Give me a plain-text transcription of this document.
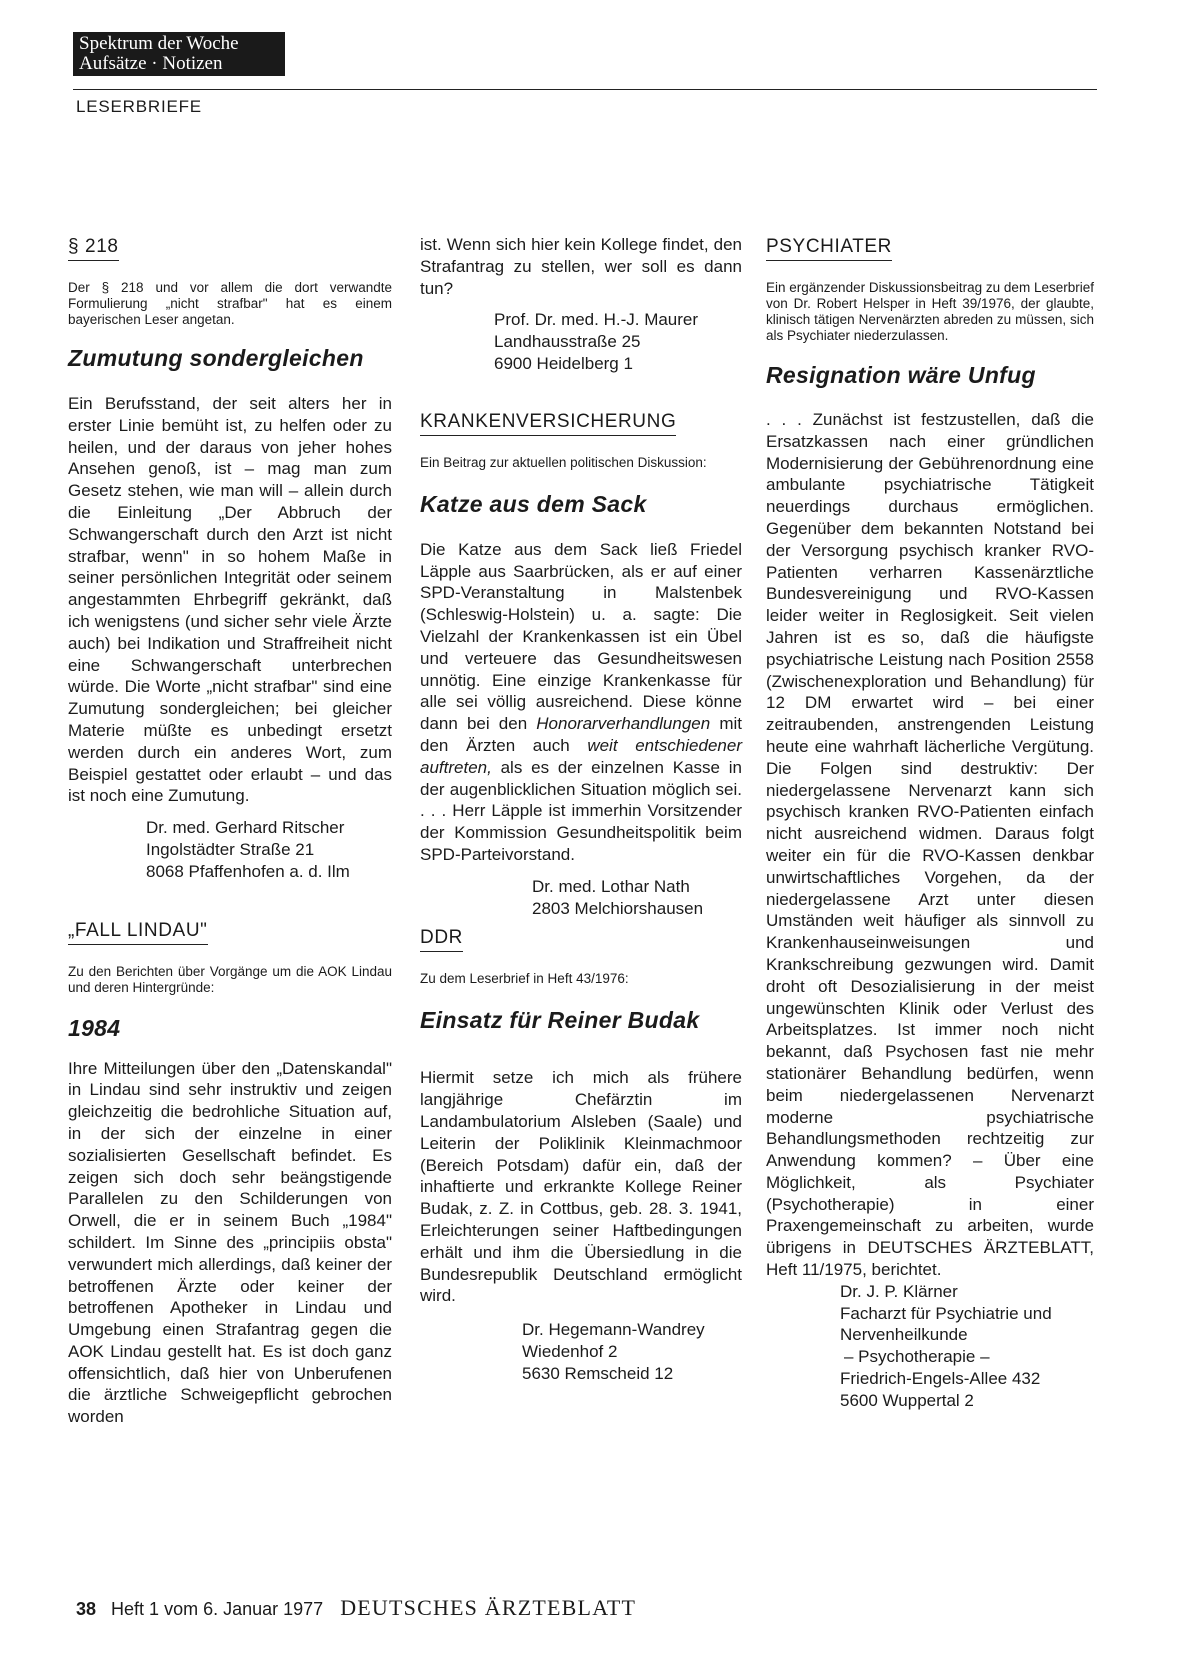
Spektrum der Woche
Aufsätze · Notizen
LESERBRIEFE
§ 218

Der § 218 und vor allem die dort verwandte Formulierung „nicht strafbar" hat es einem bayerischen Leser angetan.

Zumutung sondergleichen

Ein Berufsstand, der seit alters her in erster Linie bemüht ist, zu helfen oder zu heilen, und der daraus von jeher hohes Ansehen genoß, ist – mag man zum Gesetz stehen, wie man will – allein durch die Einleitung „Der Abbruch der Schwangerschaft durch den Arzt ist nicht strafbar, wenn" in so hohem Maße in seiner persönlichen Integrität oder seinem angestammten Ehrbegriff gekränkt, daß ich wenigstens (und sicher sehr viele Ärzte auch) bei Indikation und Straffreiheit nicht eine Schwangerschaft unterbrechen würde. Die Worte „nicht strafbar" sind eine Zumutung sondergleichen; bei gleicher Materie müßte es unbedingt ersetzt werden durch ein anderes Wort, zum Beispiel gestattet oder erlaubt – und das ist noch eine Zumutung.

Dr. med. Gerhard Ritscher
Ingolstädter Straße 21
8068 Pfaffenhofen a. d. Ilm
„FALL LINDAU"

Zu den Berichten über Vorgänge um die AOK Lindau und deren Hintergründe:

1984

Ihre Mitteilungen über den „Datenskandal" in Lindau sind sehr instruktiv und zeigen gleichzeitig die bedrohliche Situation auf, in der sich der einzelne in einer sozialisierten Gesellschaft befindet. Es zeigen sich doch sehr beängstigende Parallelen zu den Schilderungen von Orwell, die er in seinem Buch „1984" schildert. Im Sinne des „principiis obsta" verwundert mich allerdings, daß keiner der betroffenen Ärzte oder keiner der betroffenen Apotheker in Lindau und Umgebung einen Strafantrag gegen die AOK Lindau gestellt hat. Es ist doch ganz offensichtlich, daß hier von Unberufenen die ärztliche Schweigepflicht gebrochen worden

ist. Wenn sich hier kein Kollege findet, den Strafantrag zu stellen, wer soll es dann tun?

Prof. Dr. med. H.-J. Maurer
Landhausstraße 25
6900 Heidelberg 1
KRANKENVERSICHERUNG

Ein Beitrag zur aktuellen politischen Diskussion:

Katze aus dem Sack

Die Katze aus dem Sack ließ Friedel Läpple aus Saarbrücken, als er auf einer SPD-Veranstaltung in Malstenbek (Schleswig-Holstein) u. a. sagte: Die Vielzahl der Krankenkassen ist ein Übel und verteuere das Gesundheitswesen unnötig. Eine einzige Krankenkasse für alle sei völlig ausreichend. Diese könne dann bei den Honorarverhandlungen mit den Ärzten auch weit entschiedener auftreten, als es der einzelnen Kasse in der augenblicklichen Situation möglich sei. . . . Herr Läpple ist immerhin Vorsitzender der Kommission Gesundheitspolitik beim SPD-Parteivorstand.

Dr. med. Lothar Nath
2803 Melchiorshausen
DDR

Zu dem Leserbrief in Heft 43/1976:

Einsatz für Reiner Budak

Hiermit setze ich mich als frühere langjährige Chefärztin im Landambulatorium Alsleben (Saale) und Leiterin der Poliklinik Kleinmachmoor (Bereich Potsdam) dafür ein, daß der inhaftierte und erkrankte Kollege Reiner Budak, z. Z. in Cottbus, geb. 28. 3. 1941, Erleichterungen seiner Haftbedingungen erhält und ihm die Übersiedlung in die Bundesrepublik Deutschland ermöglicht wird.

Dr. Hegemann-Wandrey
Wiedenhof 2
5630 Remscheid 12
PSYCHIATER

Ein ergänzender Diskussionsbeitrag zu dem Leserbrief von Dr. Robert Helsper in Heft 39/1976, der glaubte, klinisch tätigen Nervenärzten abreden zu müssen, sich als Psychiater niederzulassen.

Resignation wäre Unfug

. . . Zunächst ist festzustellen, daß die Ersatzkassen nach einer gründlichen Modernisierung der Gebührenordnung eine ambulante psychiatrische Tätigkeit neuerdings durchaus ermöglichen. Gegenüber dem bekannten Notstand bei der Versorgung psychisch kranker RVO-Patienten verharren Kassenärztliche Bundesvereinigung und RVO-Kassen leider weiter in Reglosigkeit. Seit vielen Jahren ist es so, daß die häufigste psychiatrische Leistung nach Position 2558 (Zwischenexploration und Behandlung) für 12 DM erwartet wird – bei einer zeitraubenden, anstrengenden Leistung heute eine wahrhaft lächerliche Vergütung. Die Folgen sind destruktiv: Der niedergelassene Nervenarzt kann sich psychisch kranken RVO-Patienten einfach nicht ausreichend widmen. Daraus folgt weiter ein für die RVO-Kassen denkbar unwirtschaftliches Vorgehen, da der niedergelassene Arzt unter diesen Umständen weit häufiger als sinnvoll zu Krankenhauseinweisungen und Krankschreibung gezwungen wird. Damit droht oft Desozialisierung in der meist ungewünschten Klinik oder Verlust des Arbeitsplatzes. Ist immer noch nicht bekannt, daß Psychosen fast nie mehr stationärer Behandlung bedürfen, wenn beim niedergelassenen Nervenarzt moderne psychiatrische Behandlungsmethoden rechtzeitig zur Anwendung kommen? – Über eine Möglichkeit, als Psychiater (Psychotherapie) in einer Praxengemeinschaft zu arbeiten, wurde übrigens in DEUTSCHES ÄRZTEBLATT, Heft 11/1975, berichtet.

Dr. J. P. Klärner
Facharzt für Psychiatrie und
Nervenheilkunde
– Psychotherapie –
Friedrich-Engels-Allee 432
5600 Wuppertal 2
38 Heft 1 vom 6. Januar 1977 DEUTSCHES ÄRZTEBLATT
